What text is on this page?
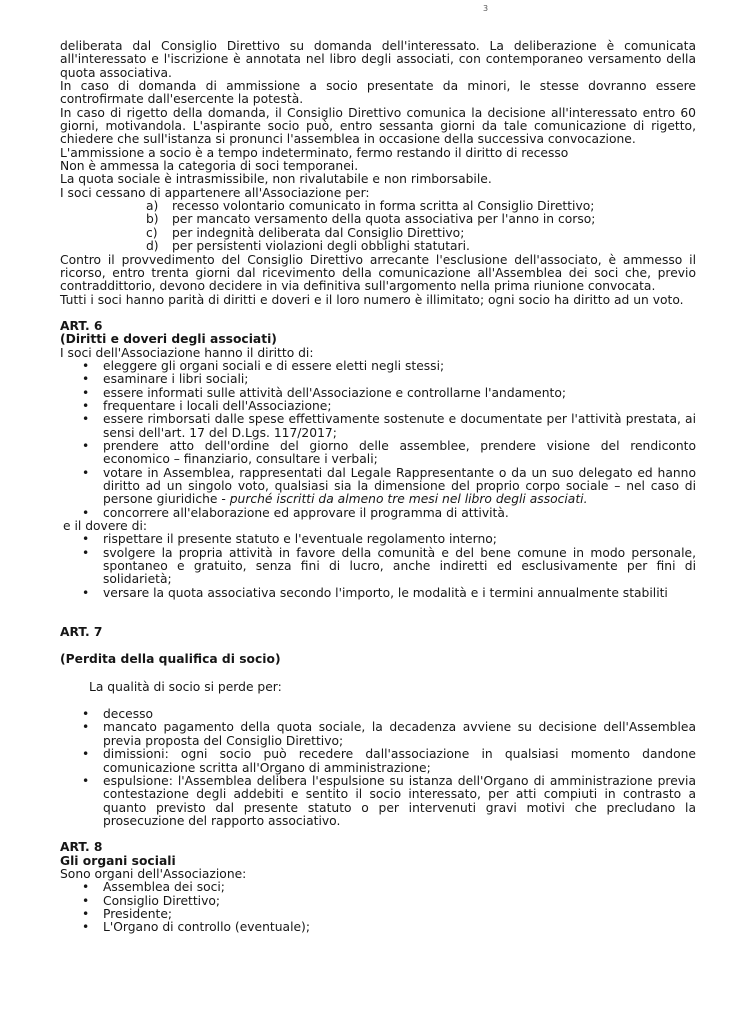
3

deliberata dal Consiglio Direttivo su domanda dell'interessato. La deliberazione è comunicata all'interessato e l'iscrizione è annotata nel libro degli associati, con contemporaneo versamento della quota associativa.

In caso di domanda di ammissione a socio presentate da minori, le stesse dovranno essere controfirmate dall'esercente la potestà.

In caso di rigetto della domanda, il Consiglio Direttivo comunica la decisione all'interessato entro 60 giorni, motivandola. L'aspirante socio può, entro sessanta giorni da tale comunicazione di rigetto, chiedere che sull'istanza si pronunci l'assemblea in occasione della successiva convocazione.

L'ammissione a socio è a tempo indeterminato, fermo restando il diritto di recesso

Non è ammessa la categoria di soci temporanei.

La quota sociale è intrasmissibile, non rivalutabile e non rimborsabile.

I soci cessano di appartenere all'Associazione per:

a) recesso volontario comunicato in forma scritta al Consiglio Direttivo;
b) per mancato versamento della quota associativa per l'anno in corso;
c) per indegnità deliberata dal Consiglio Direttivo;
d) per persistenti violazioni degli obblighi statutari.

Contro il provvedimento del Consiglio Direttivo arrecante l'esclusione dell'associato, è ammesso il ricorso, entro trenta giorni dal ricevimento della comunicazione all'Assemblea dei soci che, previo contraddittorio, devono decidere in via definitiva sull'argomento nella prima riunione convocata.

Tutti i soci hanno parità di diritti e doveri e il loro numero è illimitato; ogni socio ha diritto ad un voto.

ART. 6

(Diritti e doveri degli associati)

I soci dell'Associazione hanno il diritto di:

• eleggere gli organi sociali e di essere eletti negli stessi;
• esaminare i libri sociali;
• essere informati sulle attività dell'Associazione e controllarne l'andamento;
• frequentare i locali dell'Associazione;
• essere rimborsati dalle spese effettivamente sostenute e documentate per l'attività prestata, ai sensi dell'art. 17 del D.Lgs. 117/2017;
• prendere atto dell'ordine del giorno delle assemblee, prendere visione del rendiconto economico – finanziario, consultare i verbali;
• votare in Assemblea, rappresentati dal Legale Rappresentante o da un suo delegato ed hanno diritto ad un singolo voto, qualsiasi sia la dimensione del proprio corpo sociale – nel caso di persone giuridiche - purché iscritti da almeno tre mesi nel libro degli associati.
• concorrere all'elaborazione ed approvare il programma di attività.

e il dovere di:

• rispettare il presente statuto e l'eventuale regolamento interno;
• svolgere la propria attività in favore della comunità e del bene comune in modo personale, spontaneo e gratuito, senza fini di lucro, anche indiretti ed esclusivamente per fini di solidarietà;
• versare la quota associativa secondo l'importo, le modalità e i termini annualmente stabiliti

ART. 7

(Perdita della qualifica di socio)

La qualità di socio si perde per:

• decesso
• mancato pagamento della quota sociale, la decadenza avviene su decisione dell'Assemblea previa proposta del Consiglio Direttivo;
• dimissioni: ogni socio può recedere dall'associazione in qualsiasi momento dandone comunicazione scritta all'Organo di amministrazione;
• espulsione: l'Assemblea delibera l'espulsione su istanza dell'Organo di amministrazione previa contestazione degli addebiti e sentito il socio interessato, per atti compiuti in contrasto a quanto previsto dal presente statuto o per intervenuti gravi motivi che precludano la prosecuzione del rapporto associativo.

ART. 8

Gli organi sociali

Sono organi dell'Associazione:

• Assemblea dei soci;
• Consiglio Direttivo;
• Presidente;
• L'Organo di controllo (eventuale);
